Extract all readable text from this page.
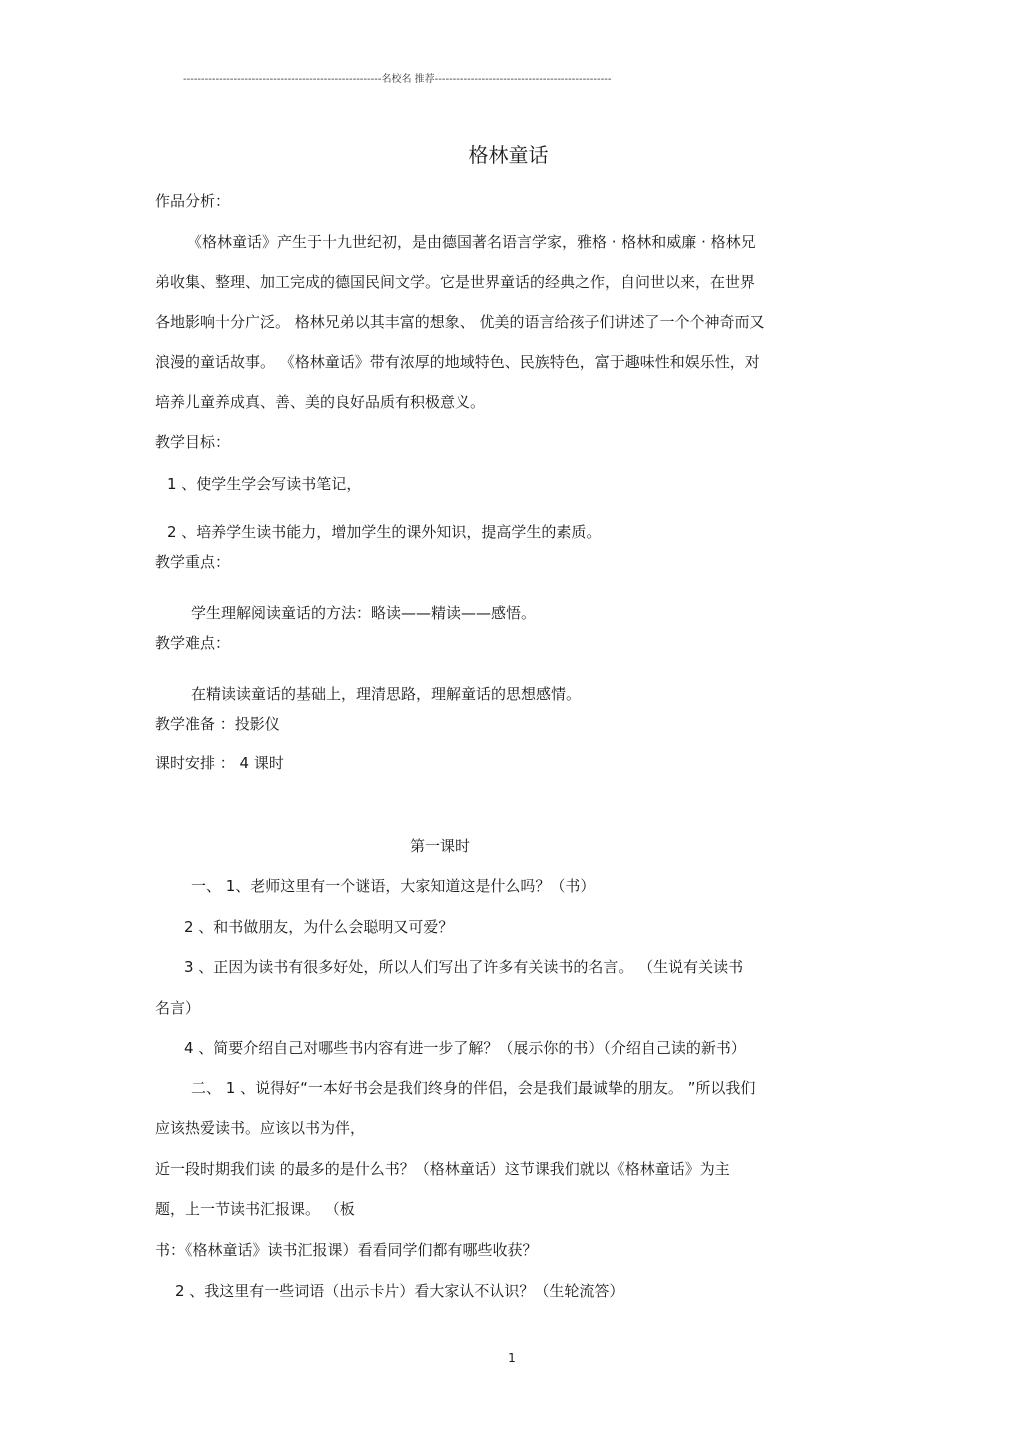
-------------------------------------------------------名校名 推荐-------------------------------------------------
格林童话

作品分析：

《格林童话》产生于十九世纪初，是由德国著名语言学家，雅格 · 格林和威廉 · 格林兄

弟收集、整理、加工完成的德国民间文学。它是世界童话的经典之作，自问世以来，在世界

各地影响十分广泛。 格林兄弟以其丰富的想象、 优美的语言给孩子们讲述了一个个神奇而又

浪漫的童话故事。 《格林童话》带有浓厚的地域特色、民族特色，富于趣味性和娱乐性，对

培养儿童养成真、善、美的良好品质有积极意义。

教学目标：

1 、使学生学会写读书笔记，

2 、培养学生读书能力，增加学生的课外知识，提高学生的素质。

教学重点：

学生理解阅读童话的方法：略读——精读——感悟。

教学难点：

在精读读童话的基础上，理清思路，理解童话的思想感情。

教学准备 ：投影仪

课时安排 ： 4 课时

第一课时

一、 1、老师这里有一个谜语，大家知道这是什么吗？（书）

2 、和书做朋友，为什么会聪明又可爱？

3 、正因为读书有很多好处，所以人们写出了许多有关读书的名言。 （生说有关读书

名言）

4 、简要介绍自己对哪些书内容有进一步了解？（展示你的书）（介绍自己读的新书）

二、 1 、说得好“一本好书会是我们终身的伴侣，会是我们最诚挚的朋友。 ”所以我们

应该热爱读书。应该以书为伴，

近一段时期我们读 的最多的是什么书？（格林童话）这节课我们就以《格林童话》为主

题，上一节读书汇报课。 （板

书：《格林童话》读书汇报课）看看同学们都有哪些收获？

2 、我这里有一些词语（出示卡片）看大家认不认识？（生轮流答）

1
